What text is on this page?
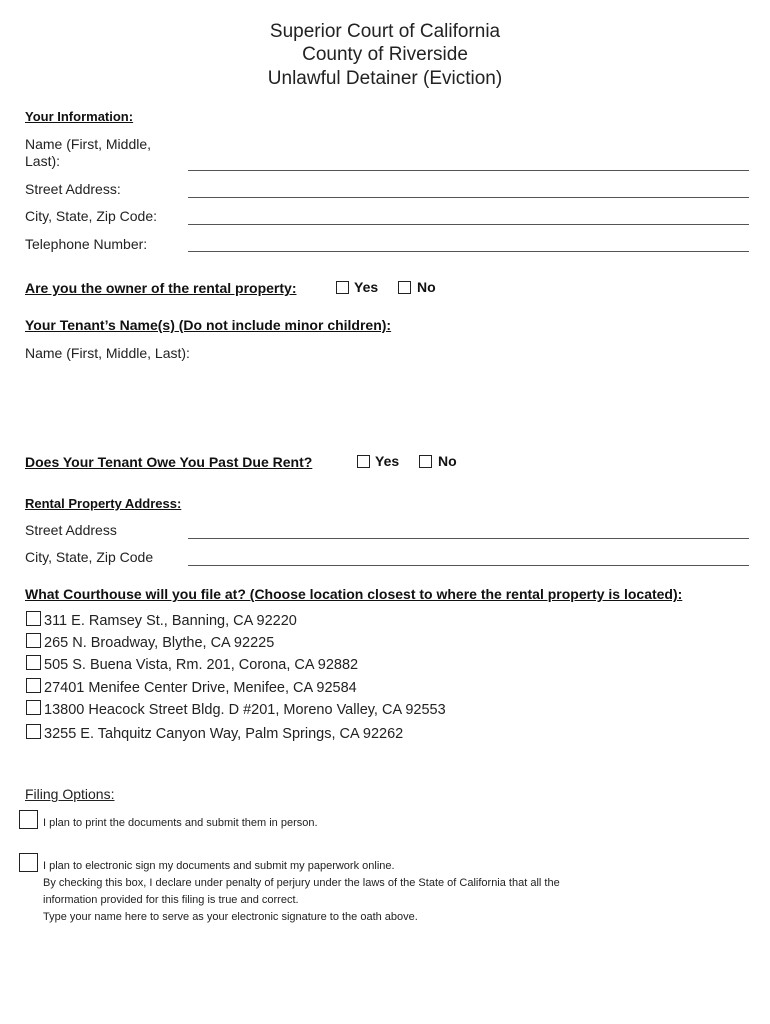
Superior Court of California
County of Riverside
Unlawful Detainer (Eviction)
Your Information:
Name (First, Middle,
Last):
Street Address:
City, State, Zip Code:
Telephone Number:
Are you the owner of the rental property:	Yes	No
Your Tenant’s Name(s) (Do not include minor children):
Name (First, Middle, Last):
Does Your Tenant Owe You Past Due Rent?	Yes	No
Rental Property Address:
Street Address
City, State, Zip Code
What Courthouse will you file at? (Choose location closest to where the rental property is located):
311 E. Ramsey St., Banning, CA 92220
265 N. Broadway, Blythe, CA 92225
505 S. Buena Vista, Rm. 201, Corona, CA 92882
27401 Menifee Center Drive, Menifee, CA 92584
13800 Heacock Street Bldg. D #201, Moreno Valley, CA 92553
3255 E. Tahquitz Canyon Way, Palm Springs, CA 92262
Filing Options:
I plan to print the documents and submit them in person.
I plan to electronic sign my documents and submit my paperwork online.
By checking this box, I declare under penalty of perjury under the laws of the State of California that all the
information provided for this filing is true and correct.
Type your name here to serve as your electronic signature to the oath above.
